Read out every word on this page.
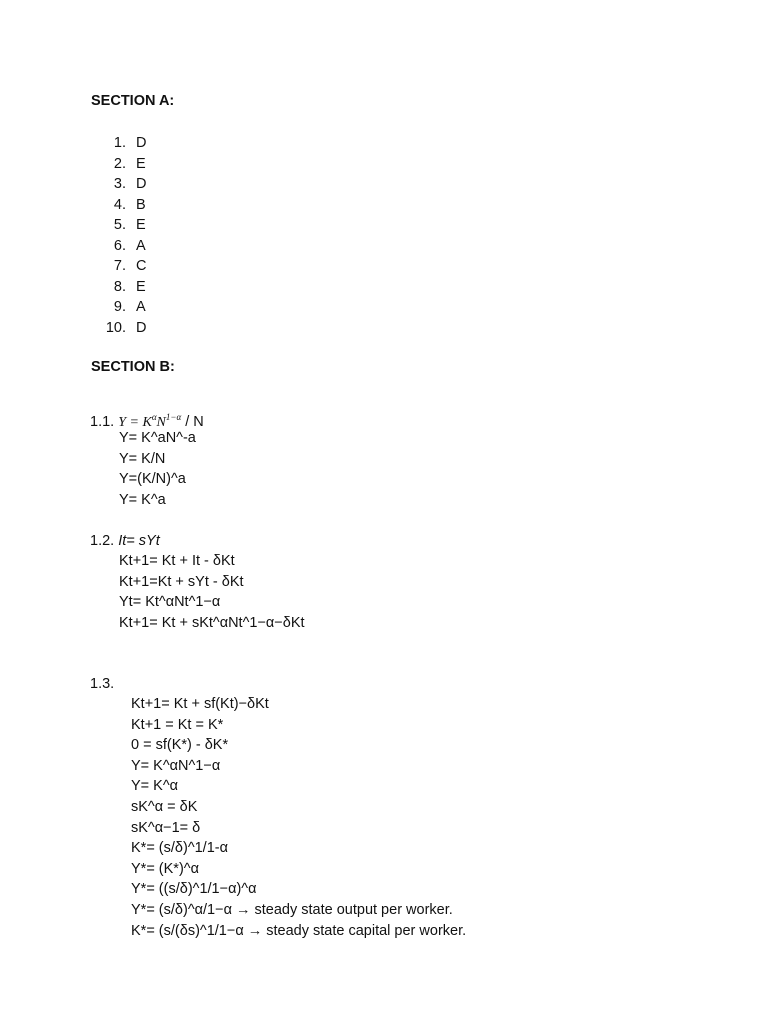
SECTION A:
1. D
2. E
3. D
4. B
5. E
6. A
7. C
8. E
9. A
10. D
SECTION B:
1.1. $Y = K^\alpha N^{1-\alpha} / N$
Y= K^aN^-a
Y= K/N
Y=(K/N)^a
Y= K^a
1.2. It= sYt
Kt+1= Kt + It - δKt
Kt+1=Kt + sYt - δKt
Yt= Kt^αNt^1−α
Kt+1= Kt + sKt^αNt^1−α−δKt
1.3.
Kt+1= Kt + sf(Kt)−δKt
Kt+1 = Kt = K*
0 = sf(K*) - δK*
Y= K^αN^1−α
Y= K^α
sK^α = δK
sK^α−1= δ
K*= (s/δ)^1/1-α
Y*= (K*)^α
Y*= ((s/δ)^1/1−α)^α
Y*= (s/δ)^α/1−α → steady state output per worker.
K*= (s/(δs)^1/1−α → steady state capital per worker.
